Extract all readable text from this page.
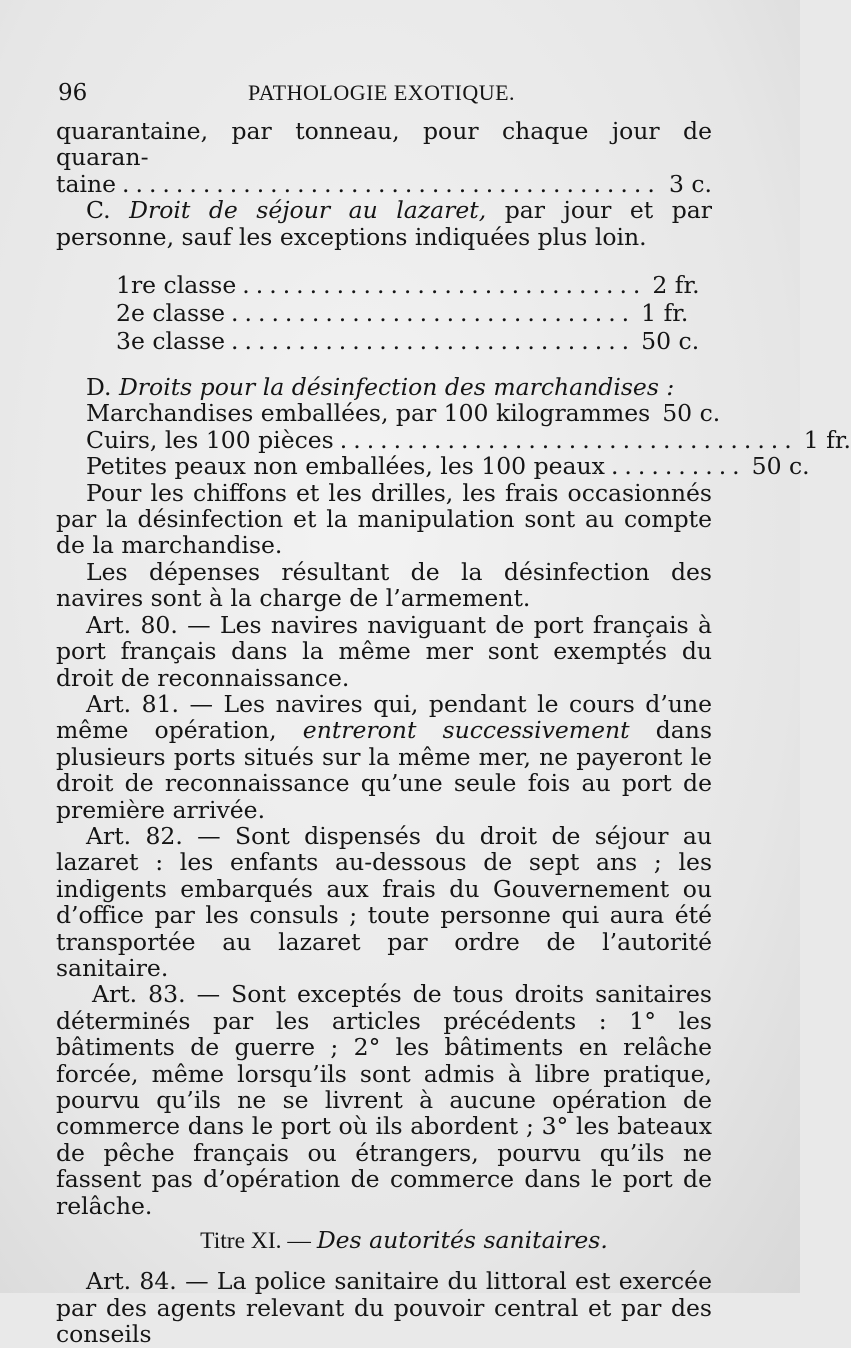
96	PATHOLOGIE EXOTIQUE.

quarantaine, par tonneau, pour chaque jour de quaran-

taine ........................................ 3 c.

C. Droit de séjour au lazaret, par jour et par personne, sauf les exceptions indiquées plus loin.

1re classe .............................. 2 fr.
2e classe .............................. 1 fr.
3e classe .............................. 50 c.

D. Droits pour la désinfection des marchandises :

Marchandises emballées, par 100 kilogrammes 50 c.
Cuirs, les 100 pièces .................................. 1 fr.
Petites peaux non emballées, les 100 peaux .......... 50 c.

Pour les chiffons et les drilles, les frais occasionnés par la désinfection et la manipulation sont au compte de la marchandise.

Les dépenses résultant de la désinfection des navires sont à la charge de l’armement.

Art. 80. — Les navires naviguant de port français à port français dans la même mer sont exemptés du droit de reconnaissance.

Art. 81. — Les navires qui, pendant le cours d’une même opération, entreront successivement dans plusieurs ports situés sur la même mer, ne payeront le droit de reconnaissance qu’une seule fois au port de première arrivée.

Art. 82. — Sont dispensés du droit de séjour au lazaret : les enfants au-dessous de sept ans ; les indigents embarqués aux frais du Gouvernement ou d’office par les consuls ; toute personne qui aura été transportée au lazaret par ordre de l’autorité sanitaire.

Art. 83. — Sont exceptés de tous droits sanitaires déterminés par les articles précédents : 1° les bâtiments de guerre ; 2° les bâtiments en relâche forcée, même lorsqu’ils sont admis à libre pratique, pourvu qu’ils ne se livrent à aucune opération de commerce dans le port où ils abordent ; 3° les bateaux de pêche français ou étrangers, pourvu qu’ils ne fassent pas d’opération de commerce dans le port de relâche.

Titre XI. — Des autorités sanitaires.

Art. 84. — La police sanitaire du littoral est exercée par des agents relevant du pouvoir central et par des conseils
